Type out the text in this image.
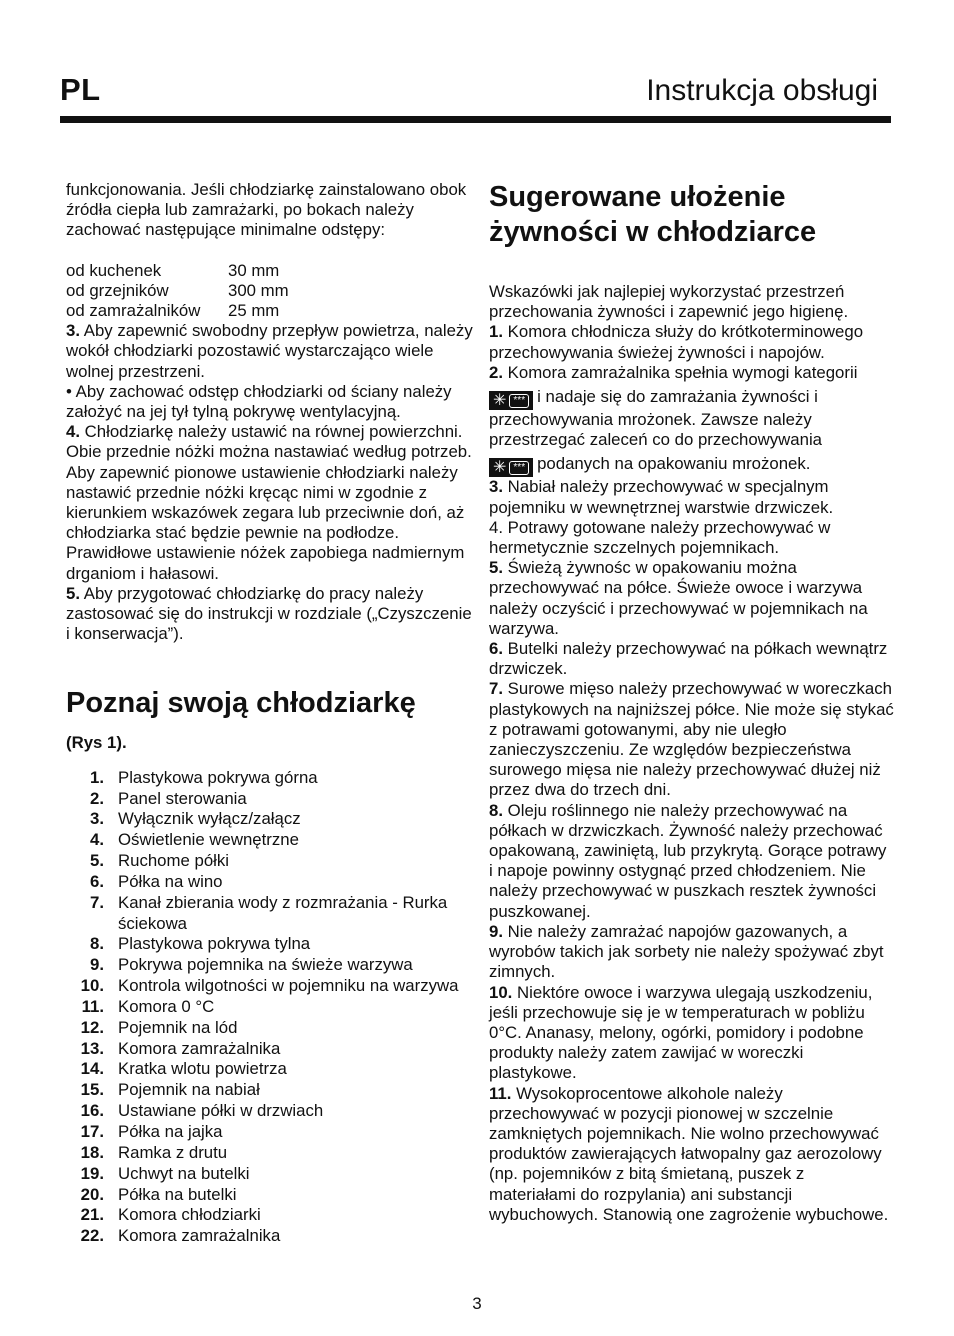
PL	Instrukcja obsługi

funkcjonowania. Jeśli chłodziarkę zainstalowano obok źródła ciepła lub zamrażarki, po bokach należy zachować następujące minimalne odstępy:

od kuchenek	30 mm
od grzejników	300 mm
od zamrażalników	25 mm

3. Aby zapewnić swobodny przepływ powietrza, należy wokół chłodziarki pozostawić wystarczająco wiele wolnej przestrzeni.

• Aby zachować odstęp chłodziarki od ściany należy założyć na jej tył tylną pokrywę wentylacyjną.

4. Chłodziarkę należy ustawić na równej powierzchni. Obie przednie nóżki można nastawiać według potrzeb. Aby zapewnić pionowe ustawienie chłodziarki należy nastawić przednie nóżki kręcąc nimi w zgodnie z kierunkiem wskazówek zegara lub przeciwnie doń, aż chłodziarka stać będzie pewnie na podłodze. Prawidłowe ustawienie nóżek zapobiega nadmiernym drganiom i hałasowi.

5. Aby przygotować chłodziarkę do pracy należy zastosować się do instrukcji w rozdziale („Czyszczenie i konserwacja”).

Poznaj swoją chłodziarkę

(Rys 1).

1. Plastykowa pokrywa górna
2. Panel sterowania
3. Wyłącznik wyłącz/załącz
4. Oświetlenie wewnętrzne
5. Ruchome półki
6. Półka na wino
7. Kanał zbierania wody z rozmrażania - Rurka ściekowa
8. Plastykowa pokrywa tylna
9. Pokrywa pojemnika na świeże warzywa
10. Kontrola wilgotności w pojemniku na warzywa
11. Komora 0 °C
12. Pojemnik na lód
13. Komora zamrażalnika
14. Kratka wlotu powietrza
15. Pojemnik na nabiał
16. Ustawiane półki w drzwiach
17. Półka na jajka
18. Ramka z drutu
19. Uchwyt na butelki
20. Półka na butelki
21. Komora chłodziarki
22. Komora zamrażalnika
Sugerowane ułożenie żywności w chłodziarce

Wskazówki jak najlepiej wykorzystać przestrzeń przechowania żywności i zapewnić jego higienę.

1. Komora chłodnicza służy do krótkoterminowego przechowywania świeżej żywności i napojów.

2. Komora zamrażalnika spełnia wymogi kategorii

✳ *** i nadaje się do zamrażania żywności i przechowywania mrożonek. Zawsze należy przestrzegać zaleceń co do przechowywania

✳ *** podanych na opakowaniu mrożonek.

3. Nabiał należy przechowywać w specjalnym pojemniku w wewnętrznej warstwie drzwiczek.

4. Potrawy gotowane należy przechowywać w hermetycznie szczelnych pojemnikach.

5. Świeżą żywnośc w opakowaniu można przechowywać na półce. Świeże owoce i warzywa należy oczyścić i przechowywać w pojemnikach na warzywa.

6. Butelki należy przechowywać na półkach wewnątrz drzwiczek.

7. Surowe mięso należy przechowywać w woreczkach plastykowych na najniższej półce. Nie może się stykać z potrawami gotowanymi, aby nie uległo zanieczyszczeniu. Ze względów bezpieczeństwa surowego mięsa nie należy przechowywać dłużej niż przez dwa do trzech dni.

8. Oleju roślinnego nie należy przechowywać na półkach w drzwiczkach. Żywność należy przechować opakowaną, zawiniętą, lub przykrytą. Gorące potrawy i napoje powinny ostygnąć przed chłodzeniem. Nie należy przechowywać w puszkach resztek żywności puszkowanej.

9. Nie należy zamrażać napojów gazowanych, a wyrobów takich jak sorbety nie należy spożywać zbyt zimnych.

10. Niektóre owoce i warzywa ulegają uszkodzeniu, jeśli przechowuje się je w temperaturach w pobliżu 0°C. Ananasy, melony, ogórki, pomidory i podobne produkty należy zatem zawijać w woreczki plastykowe.

11. Wysokoprocentowe alkohole należy przechowywać w pozycji pionowej w szczelnie zamkniętych pojemnikach. Nie wolno przechowywać produktów zawierających łatwopalny gaz aerozolowy (np. pojemników z bitą śmietaną, puszek z materiałami do rozpylania) ani substancji wybuchowych. Stanowią one zagrożenie wybuchowe.

3
